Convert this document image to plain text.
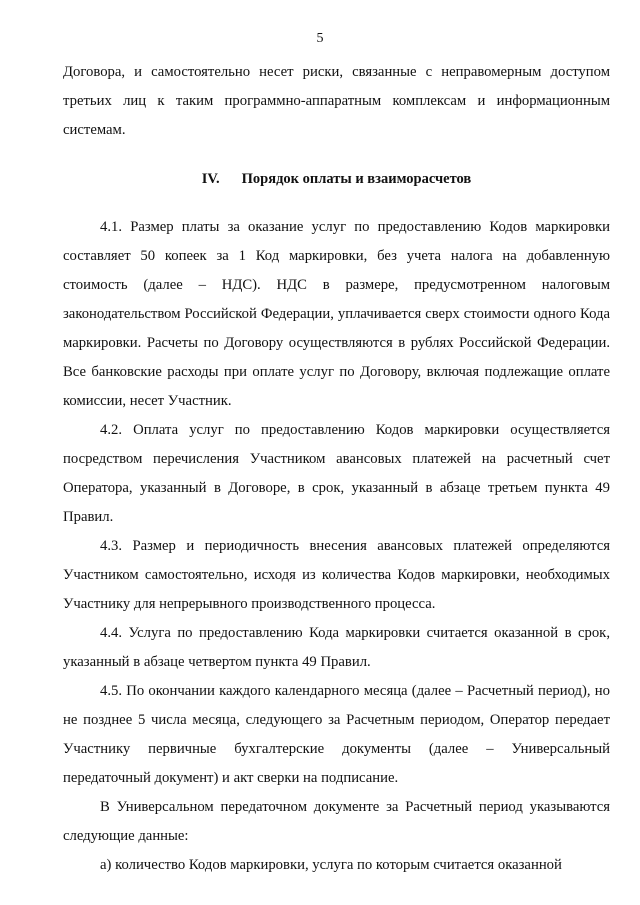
5

Договора, и самостоятельно несет риски, связанные с неправомерным доступом третьих лиц к таким программно-аппаратным комплексам и информационным системам.

IV. Порядок оплаты и взаиморасчетов

4.1. Размер платы за оказание услуг по предоставлению Кодов маркировки составляет 50 копеек за 1 Код маркировки, без учета налога на добавленную стоимость (далее – НДС). НДС в размере, предусмотренном налоговым законодательством Российской Федерации, уплачивается сверх стоимости одного Кода маркировки. Расчеты по Договору осуществляются в рублях Российской Федерации. Все банковские расходы при оплате услуг по Договору, включая подлежащие оплате комиссии, несет Участник.

4.2. Оплата услуг по предоставлению Кодов маркировки осуществляется посредством перечисления Участником авансовых платежей на расчетный счет Оператора, указанный в Договоре, в срок, указанный в абзаце третьем пункта 49 Правил.

4.3. Размер и периодичность внесения авансовых платежей определяются Участником самостоятельно, исходя из количества Кодов маркировки, необходимых Участнику для непрерывного производственного процесса.

4.4. Услуга по предоставлению Кода маркировки считается оказанной в срок, указанный в абзаце четвертом пункта 49 Правил.

4.5. По окончании каждого календарного месяца (далее – Расчетный период), но не позднее 5 числа месяца, следующего за Расчетным периодом, Оператор передает Участнику первичные бухгалтерские документы (далее – Универсальный передаточный документ) и акт сверки на подписание.

В Универсальном передаточном документе за Расчетный период указываются следующие данные:

а) количество Кодов маркировки, услуга по которым считается оказанной
